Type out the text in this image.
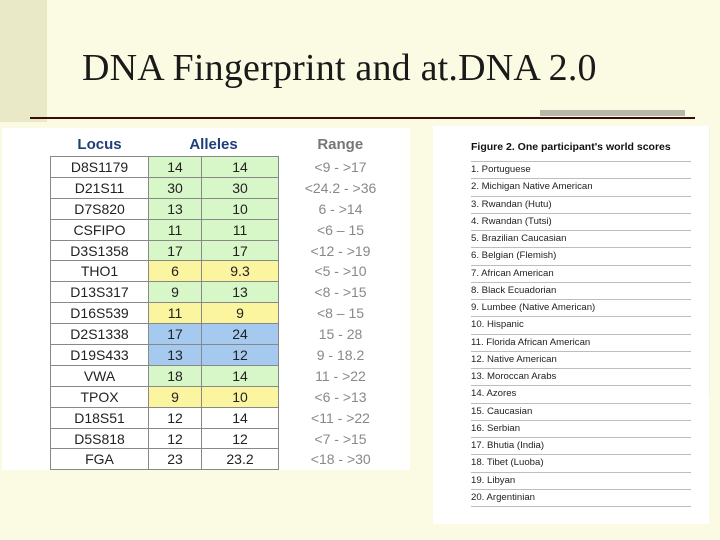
DNA Fingerprint and at.DNA 2.0
Locus	Alleles		Range
D8S1179	14	14	<9 - >17
D21S11	30	30	<24.2 - >36
D7S820	13	10	6 - >14
CSFIPO	11	11	<6 – 15
D3S1358	17	17	<12 - >19
THO1	6	9.3	<5 - >10
D13S317	9	13	<8 - >15
D16S539	11	9	<8 – 15
D2S1338	17	24	15 - 28
D19S433	13	12	9 - 18.2
VWA	18	14	11 - >22
TPOX	9	10	<6 - >13
D18S51	12	14	<11 - >22
D5S818	12	12	<7 - >15
FGA	23	23.2	<18 - >30
Figure 2. One participant's world scores
1. Portuguese
2. Michigan Native American
3. Rwandan (Hutu)
4. Rwandan (Tutsi)
5. Brazilian Caucasian
6. Belgian (Flemish)
7. African American
8. Black Ecuadorian
9. Lumbee (Native American)
10. Hispanic
11. Florida African American
12. Native American
13. Moroccan Arabs
14. Azores
15. Caucasian
16. Serbian
17. Bhutia (India)
18. Tibet (Luoba)
19. Libyan
20. Argentinian
